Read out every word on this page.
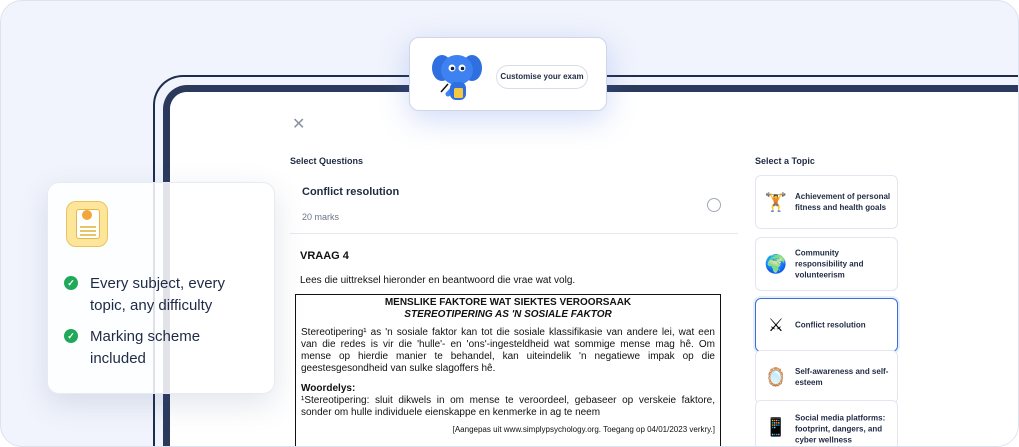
✕
Select Questions	Select a Topic
Conflict resolution
20 marks
VRAAG 4
Lees die uittreksel hieronder en beantwoord die vrae wat volg.
MENSLIKE FAKTORE WAT SIEKTES VEROORSAAK
STEREOTIPERING AS 'N SOSIALE FAKTOR
Stereotipering¹ as 'n sosiale faktor kan tot die sosiale klassifikasie van andere lei, wat een van die redes is vir die 'hulle'- en 'ons'-ingesteldheid wat sommige mense mag hê. Om mense op hierdie manier te behandel, kan uiteindelik 'n negatiewe impak op die geestesgesondheid van sulke slagoffers hê.
Woordelys:
¹Stereotipering: sluit dikwels in om mense te veroordeel, gebaseer op verskeie faktore, sonder om hulle individuele eienskappe en kenmerke in ag te neem
[Aangepas uit www.simplypsychology.org. Toegang op 04/01/2023 verkry.]
🏋 Achievement of personal fitness and health goals
🌍
Community responsibility and volunteerism
⚔	Conflict resolution
🪞 Self-awareness and self-esteem
📱 Social media platforms: footprint, dangers, and cyber wellness
✓ Every subject, every topic, any difficulty
✓ Marking scheme included
Customise your exam
